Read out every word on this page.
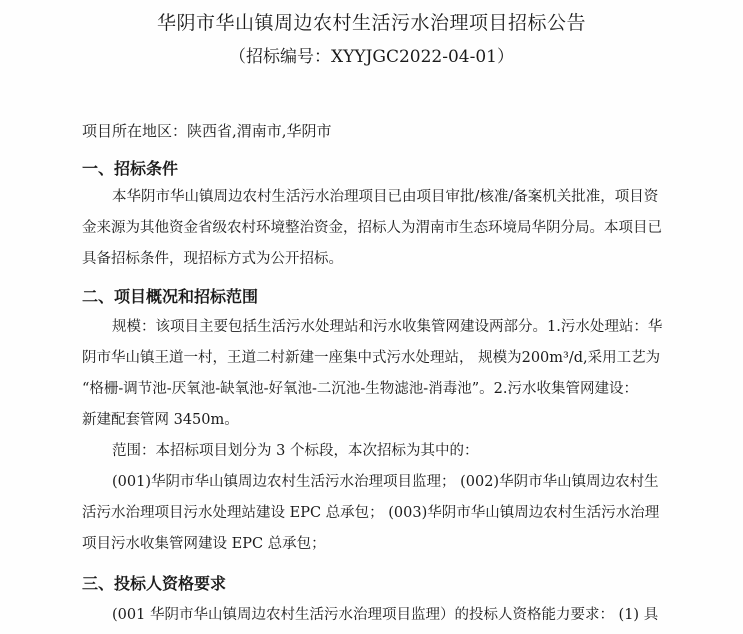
华阴市华山镇周边农村生活污水治理项目招标公告
（招标编号：XYYJGC2022-04-01）
项目所在地区：陕西省,渭南市,华阴市
一、招标条件
本华阴市华山镇周边农村生活污水治理项目已由项目审批/核准/备案机关批准，项目资
金来源为其他资金省级农村环境整治资金，招标人为渭南市生态环境局华阴分局。本项目已
具备招标条件，现招标方式为公开招标。
二、项目概况和招标范围
规模：该项目主要包括生活污水处理站和污水收集管网建设两部分。1.污水处理站：华
阴市华山镇王道一村，王道二村新建一座集中式污水处理站， 规模为200m³/d,采用工艺为
“格栅-调节池-厌氧池-缺氧池-好氧池-二沉池-生物滤池-消毒池”。2.污水收集管网建设：
新建配套管网 3450m。
范围：本招标项目划分为 3 个标段，本次招标为其中的：
(001)华阴市华山镇周边农村生活污水治理项目监理； (002)华阴市华山镇周边农村生
活污水治理项目污水处理站建设 EPC 总承包； (003)华阴市华山镇周边农村生活污水治理
项目污水收集管网建设 EPC 总承包；
三、投标人资格要求
(001 华阴市华山镇周边农村生活污水治理项目监理）的投标人资格能力要求： (1) 具
